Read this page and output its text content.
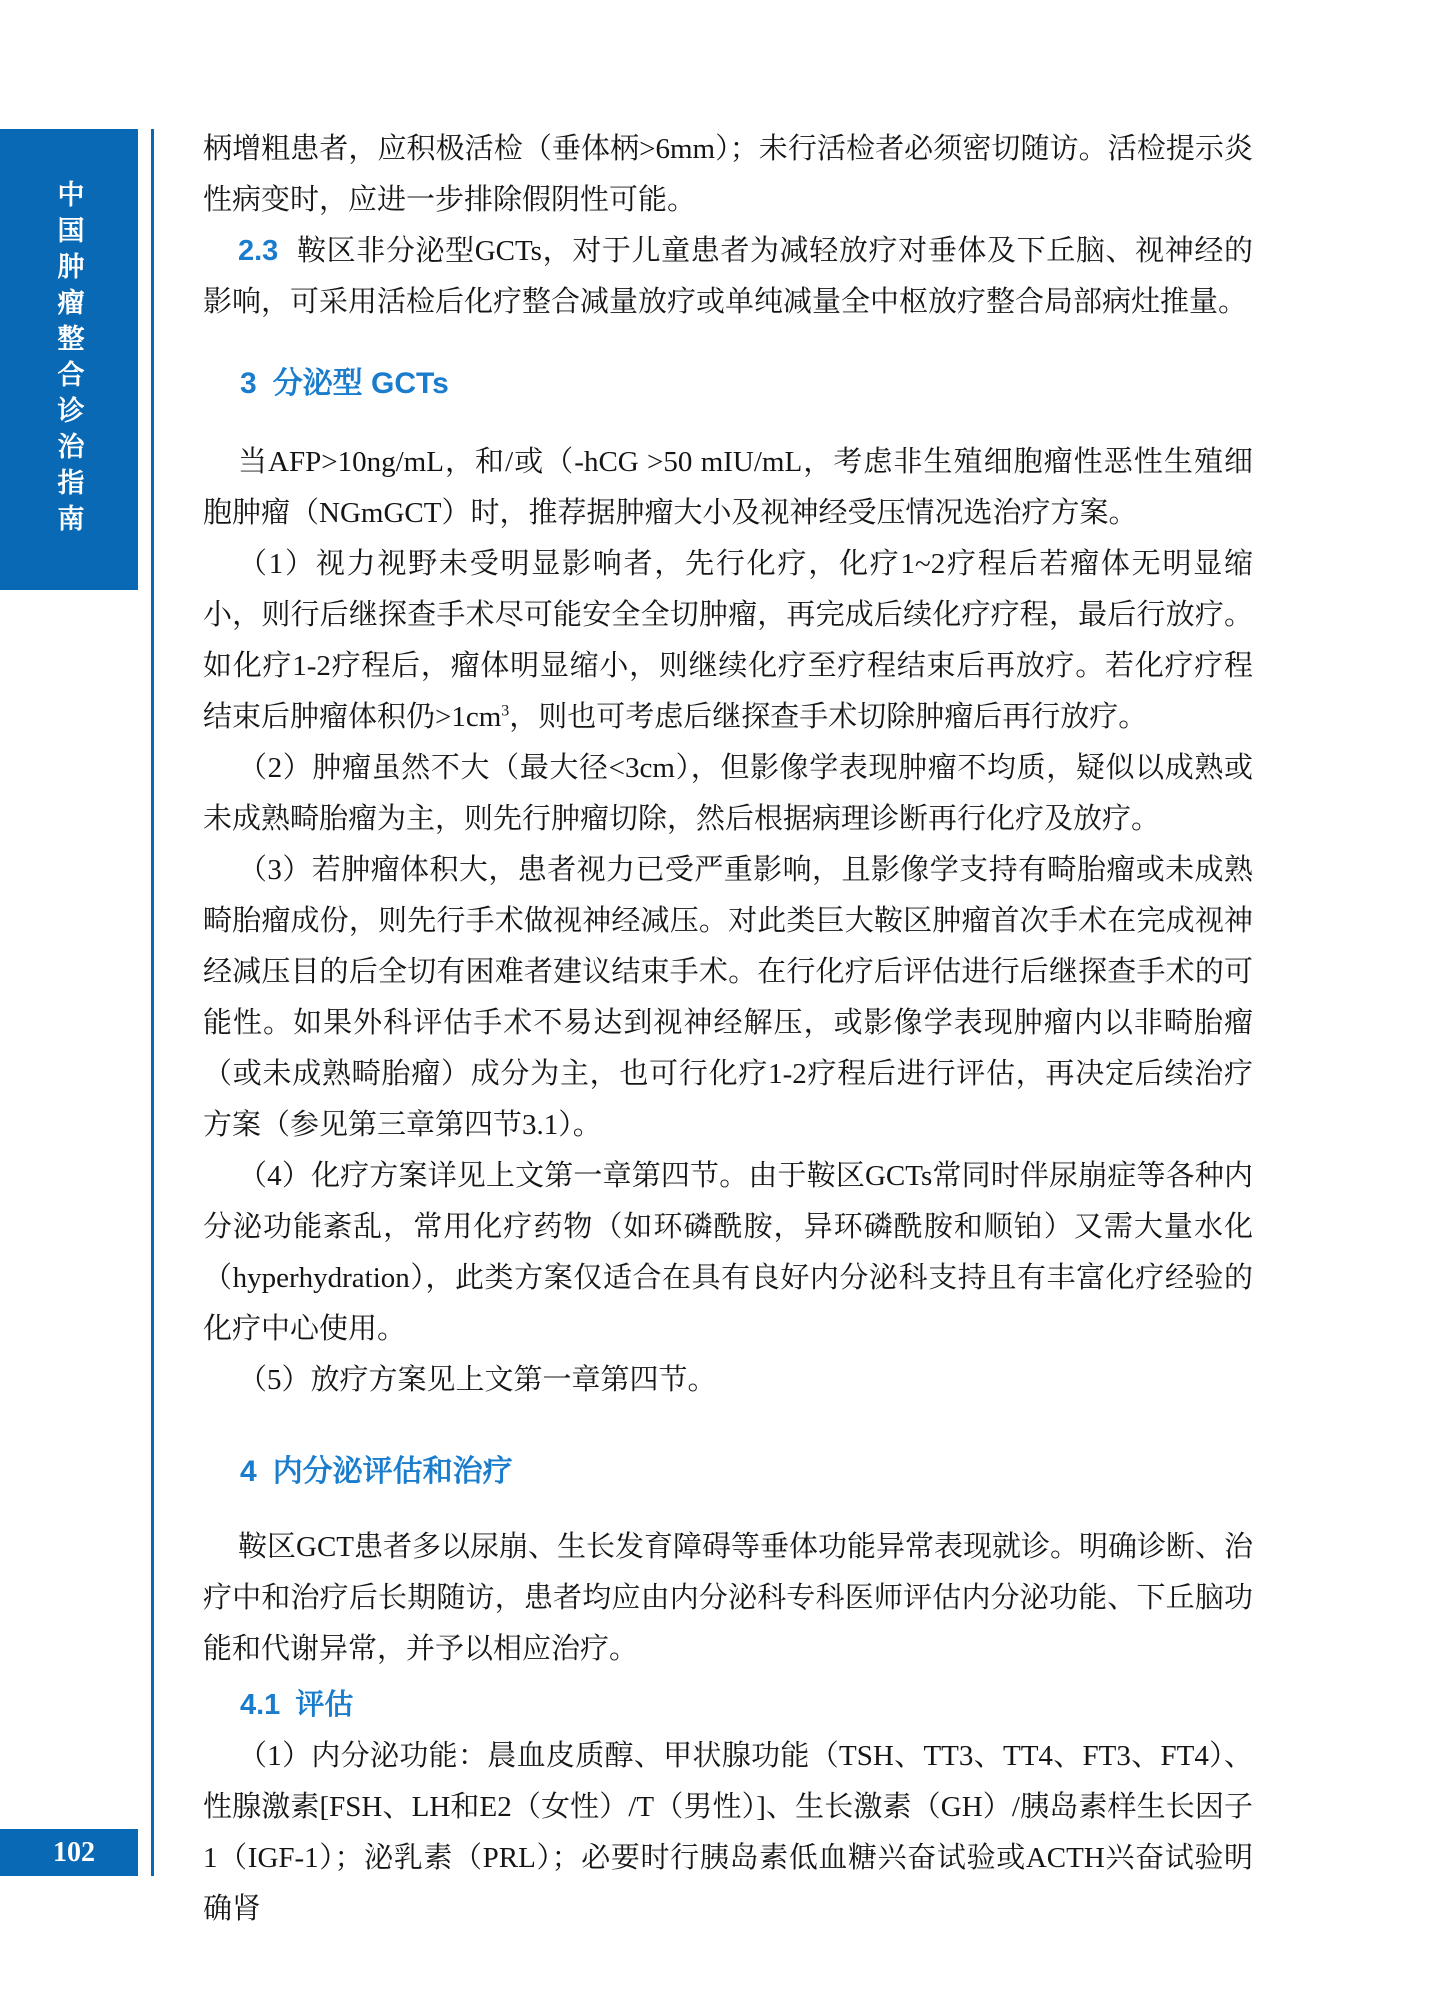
中国肿瘤整合诊治指南
102

柄增粗患者，应积极活检（垂体柄>6mm）；未行活检者必须密切随访。活检提示炎性病变时，应进一步排除假阴性可能。

2.3 鞍区非分泌型GCTs，对于儿童患者为减轻放疗对垂体及下丘脑、视神经的影响，可采用活检后化疗整合减量放疗或单纯减量全中枢放疗整合局部病灶推量。

3 分泌型 GCTs

当AFP>10ng/mL，和/或（-hCG >50 mIU/mL，考虑非生殖细胞瘤性恶性生殖细胞肿瘤（NGmGCT）时，推荐据肿瘤大小及视神经受压情况选治疗方案。

（1）视力视野未受明显影响者，先行化疗，化疗1~2疗程后若瘤体无明显缩小，则行后继探查手术尽可能安全全切肿瘤，再完成后续化疗疗程，最后行放疗。如化疗1-2疗程后，瘤体明显缩小，则继续化疗至疗程结束后再放疗。若化疗疗程结束后肿瘤体积仍$>1cm^3$，则也可考虑后继探查手术切除肿瘤后再行放疗。

（2）肿瘤虽然不大（最大径<3cm），但影像学表现肿瘤不均质，疑似以成熟或未成熟畸胎瘤为主，则先行肿瘤切除，然后根据病理诊断再行化疗及放疗。

（3）若肿瘤体积大，患者视力已受严重影响，且影像学支持有畸胎瘤或未成熟畸胎瘤成份，则先行手术做视神经减压。对此类巨大鞍区肿瘤首次手术在完成视神经减压目的后全切有困难者建议结束手术。在行化疗后评估进行后继探查手术的可能性。如果外科评估手术不易达到视神经解压，或影像学表现肿瘤内以非畸胎瘤（或未成熟畸胎瘤）成分为主，也可行化疗1-2疗程后进行评估，再决定后续治疗方案（参见第三章第四节3.1）。

（4）化疗方案详见上文第一章第四节。由于鞍区GCTs常同时伴尿崩症等各种内分泌功能紊乱，常用化疗药物（如环磷酰胺，异环磷酰胺和顺铂）又需大量水化（hyperhydration），此类方案仅适合在具有良好内分泌科支持且有丰富化疗经验的化疗中心使用。

（5）放疗方案见上文第一章第四节。

4 内分泌评估和治疗

鞍区GCT患者多以尿崩、生长发育障碍等垂体功能异常表现就诊。明确诊断、治疗中和治疗后长期随访，患者均应由内分泌科专科医师评估内分泌功能、下丘脑功能和代谢异常，并予以相应治疗。

4.1 评估

（1）内分泌功能：晨血皮质醇、甲状腺功能（TSH、TT3、TT4、FT3、FT4）、性腺激素[FSH、LH和E2（女性）/T（男性）]、生长激素（GH）/胰岛素样生长因子1（IGF-1）；泌乳素（PRL）；必要时行胰岛素低血糖兴奋试验或ACTH兴奋试验明确肾
